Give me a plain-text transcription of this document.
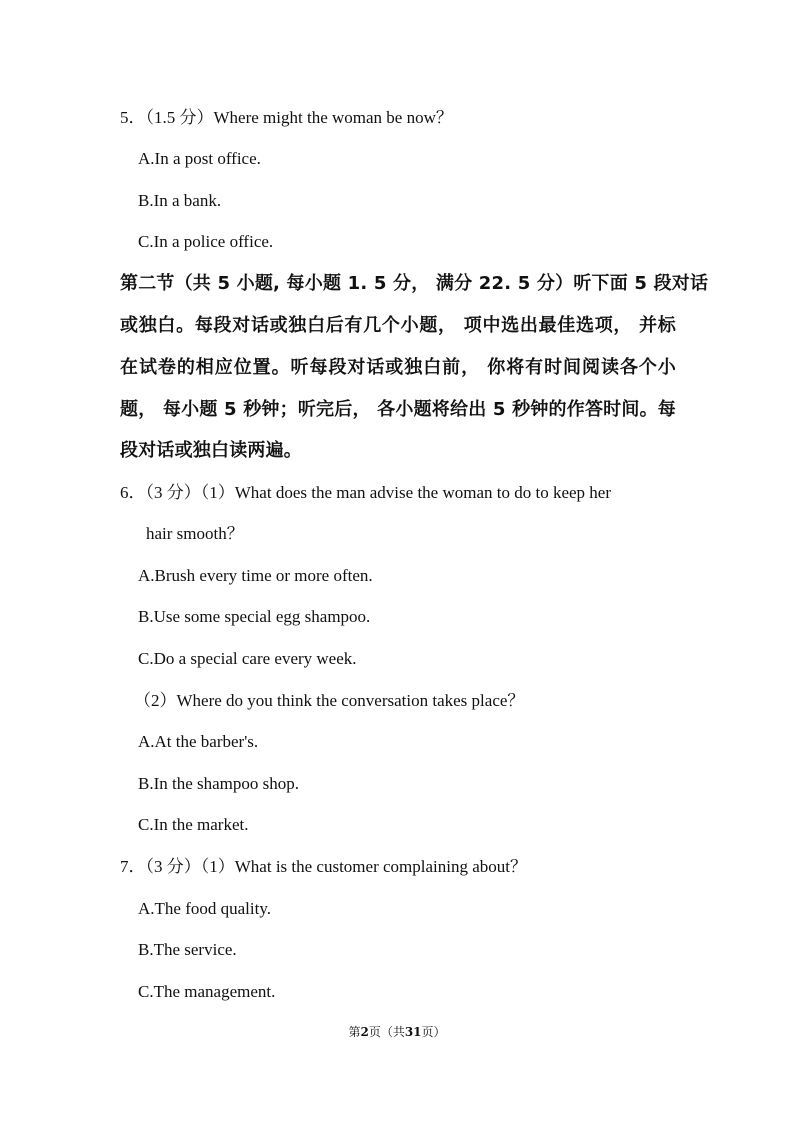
5．（1.5 分）Where might the woman be now？
A.In a post office.
B.In a bank.
C.In a police office.
第二节（共 5 小题, 每小题 1. 5 分， 满分 22. 5 分）听下面 5 段对话
或独白。每段对话或独白后有几个小题， 项中选出最佳选项， 并标
在试卷的相应位置。听每段对话或独白前， 你将有时间阅读各个小
题， 每小题 5 秒钟；听完后， 各小题将给出 5 秒钟的作答时间。每
段对话或独白读两遍。
6．（3 分）（1）What does the man advise the woman to do to keep her
hair smooth？
A.Brush every time or more often.
B.Use some special egg shampoo.
C.Do a special care every week.
（2）Where do you think the conversation takes place？
A.At the barber's.
B.In the shampoo shop.
C.In the market.
7．（3 分）（1）What is the customer complaining about？
A.The food quality.
B.The service.
C.The management.
第2页（共31页）
